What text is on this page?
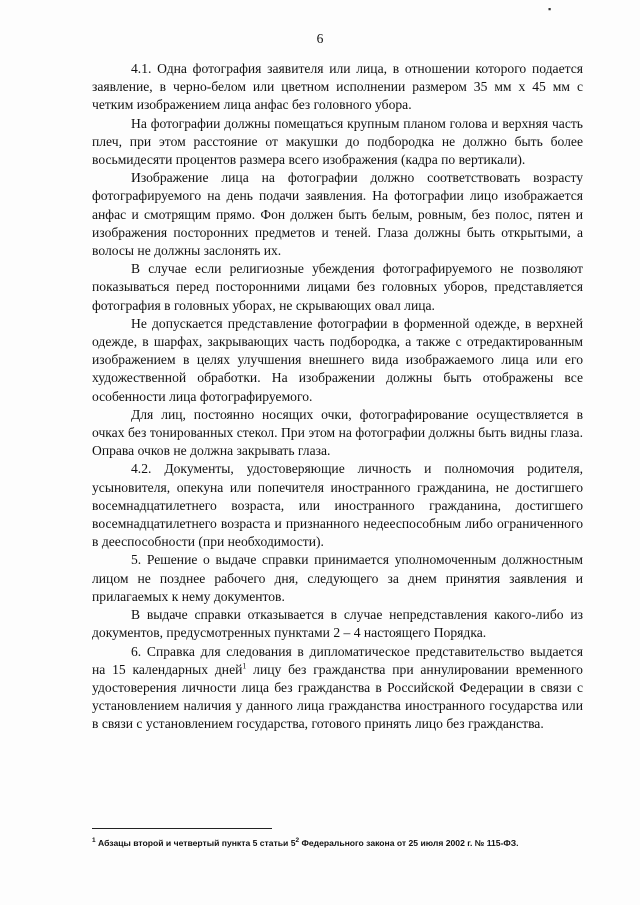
▪
6

4.1. Одна фотография заявителя или лица, в отношении которого подается заявление, в черно-белом или цветном исполнении размером 35 мм х 45 мм с четким изображением лица анфас без головного убора.

На фотографии должны помещаться крупным планом голова и верхняя часть плеч, при этом расстояние от макушки до подбородка не должно быть более восьмидесяти процентов размера всего изображения (кадра по вертикали).

Изображение лица на фотографии должно соответствовать возрасту фотографируемого на день подачи заявления. На фотографии лицо изображается анфас и смотрящим прямо. Фон должен быть белым, ровным, без полос, пятен и изображения посторонних предметов и теней. Глаза должны быть открытыми, а волосы не должны заслонять их.

В случае если религиозные убеждения фотографируемого не позволяют показываться перед посторонними лицами без головных уборов, представляется фотография в головных уборах, не скрывающих овал лица.

Не допускается представление фотографии в форменной одежде, в верхней одежде, в шарфах, закрывающих часть подбородка, а также с отредактированным изображением в целях улучшения внешнего вида изображаемого лица или его художественной обработки. На изображении должны быть отображены все особенности лица фотографируемого.

Для лиц, постоянно носящих очки, фотографирование осуществляется в очках без тонированных стекол. При этом на фотографии должны быть видны глаза. Оправа очков не должна закрывать глаза.

4.2. Документы, удостоверяющие личность и полномочия родителя, усыновителя, опекуна или попечителя иностранного гражданина, не достигшего восемнадцатилетнего возраста, или иностранного гражданина, достигшего восемнадцатилетнего возраста и признанного недееспособным либо ограниченного в дееспособности (при необходимости).

5. Решение о выдаче справки принимается уполномоченным должностным лицом не позднее рабочего дня, следующего за днем принятия заявления и прилагаемых к нему документов.

В выдаче справки отказывается в случае непредставления какого-либо из документов, предусмотренных пунктами 2 – 4 настоящего Порядка.

6. Справка для следования в дипломатическое представительство выдается на 15 календарных дней$^1$ лицу без гражданства при аннулировании временного удостоверения личности лица без гражданства в Российской Федерации в связи с установлением наличия у данного лица гражданства иностранного государства или в связи с установлением государства, готового принять лицо без гражданства.

$^1$ Абзацы второй и четвертый пункта 5 статьи $5^2$ Федерального закона от 25 июля 2002 г. № 115-ФЗ.
